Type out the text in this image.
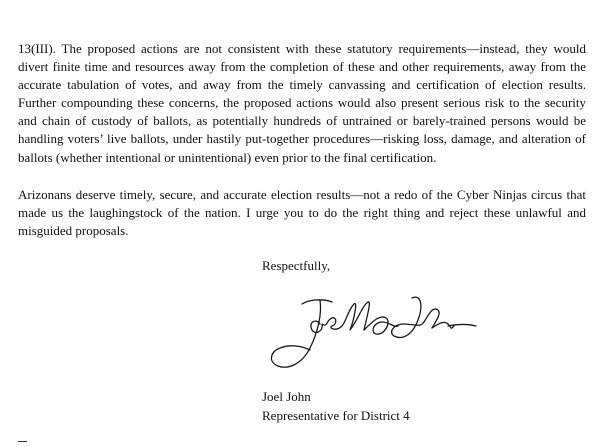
13(III). The proposed actions are not consistent with these statutory requirements—instead, they would divert finite time and resources away from the completion of these and other requirements, away from the accurate tabulation of votes, and away from the timely canvassing and certification of election results. Further compounding these concerns, the proposed actions would also present serious risk to the security and chain of custody of ballots, as potentially hundreds of untrained or barely-trained persons would be handling voters’ live ballots, under hastily put-together procedures—risking loss, damage, and alteration of ballots (whether intentional or unintentional) even prior to the final certification.

Arizonans deserve timely, secure, and accurate election results—not a redo of the Cyber Ninjas circus that made us the laughingstock of the nation. I urge you to do the right thing and reject these unlawful and misguided proposals.

Respectfully,
Joel John
Representative for District 4
